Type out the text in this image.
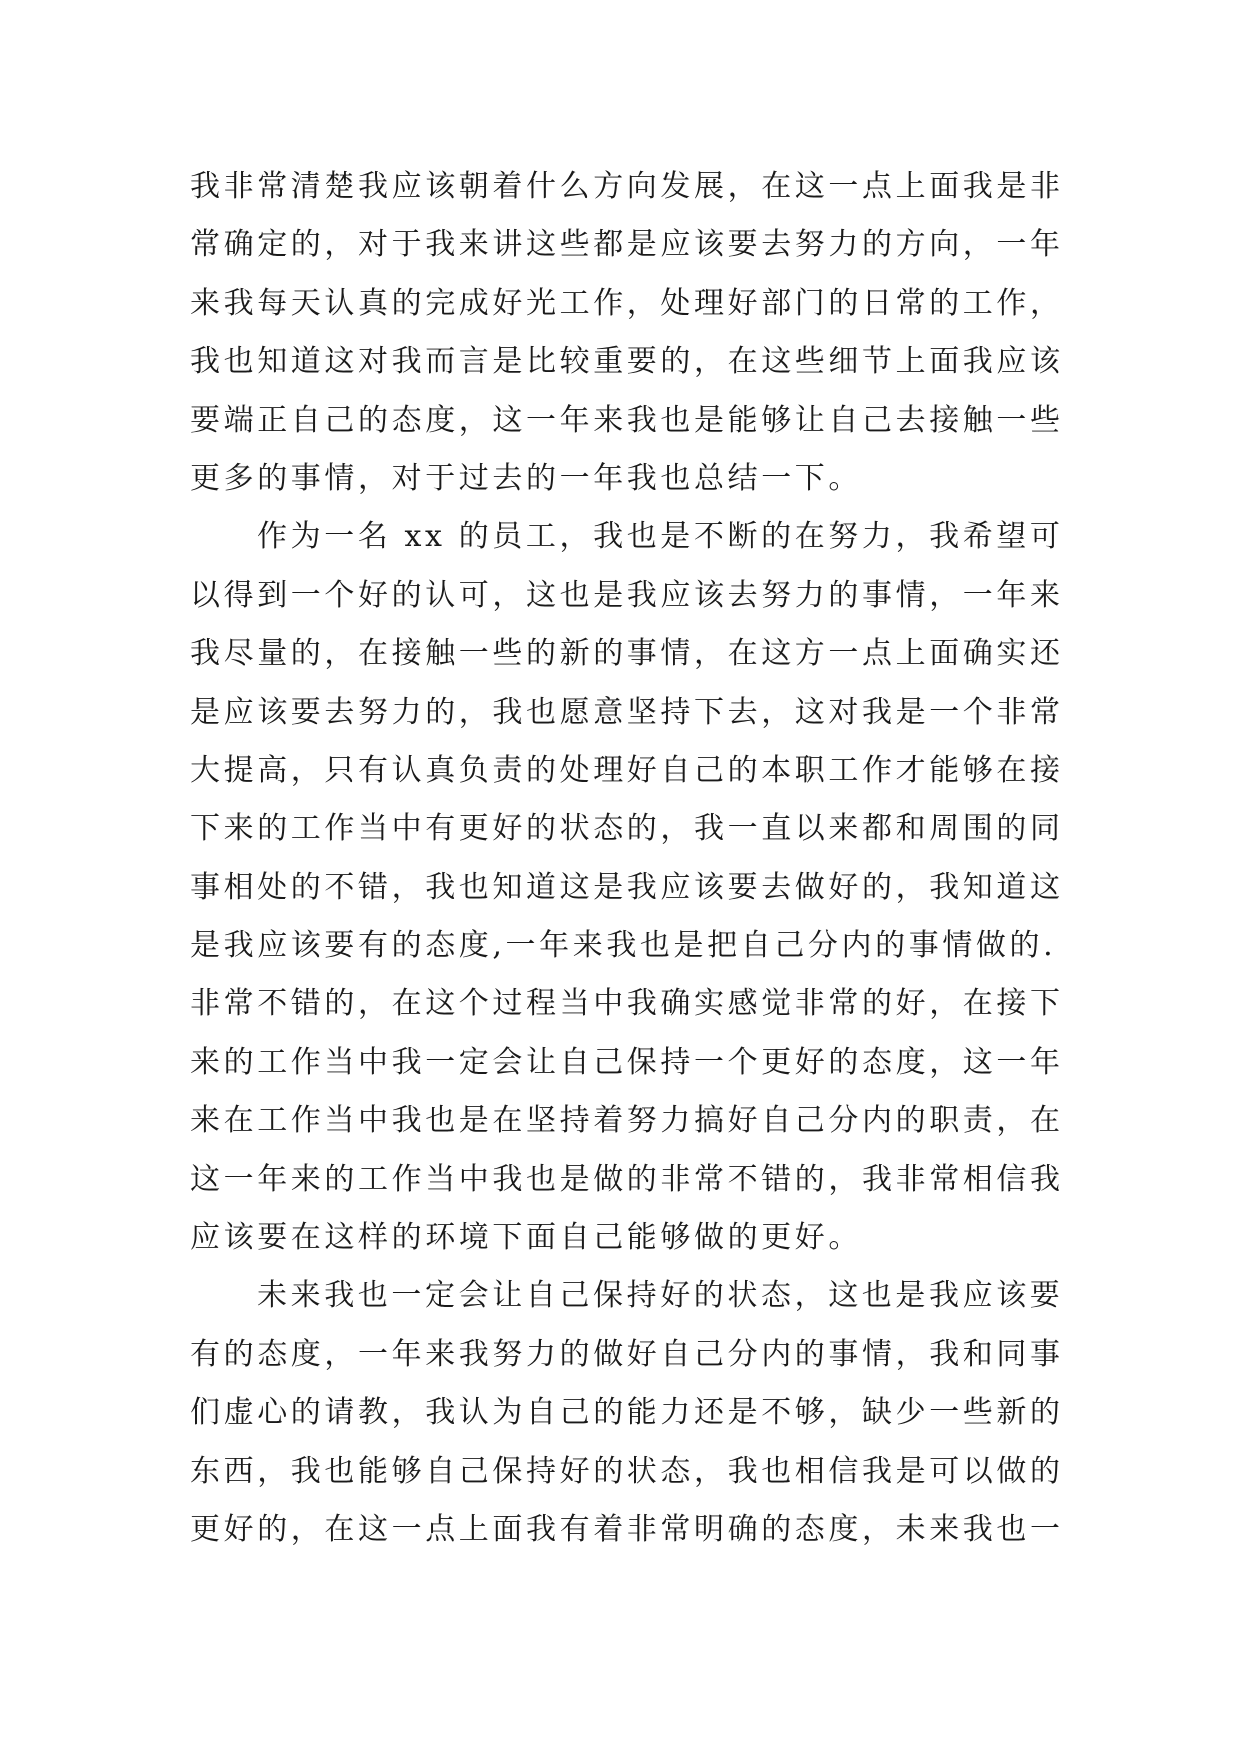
我非常清楚我应该朝着什么方向发展，在这一点上面我是非
常确定的，对于我来讲这些都是应该要去努力的方向，一年
来我每天认真的完成好光工作，处理好部门的日常的工作，
我也知道这对我而言是比较重要的，在这些细节上面我应该
要端正自己的态度，这一年来我也是能够让自己去接触一些
更多的事情，对于过去的一年我也总结一下。
作为一名 xx 的员工，我也是不断的在努力，我希望可
以得到一个好的认可，这也是我应该去努力的事情，一年来
我尽量的，在接触一些的新的事情，在这方一点上面确实还
是应该要去努力的，我也愿意坚持下去，这对我是一个非常
大提高，只有认真负责的处理好自己的本职工作才能够在接
下来的工作当中有更好的状态的，我一直以来都和周围的同
事相处的不错，我也知道这是我应该要去做好的，我知道这
是我应该要有的态度,一年来我也是把自己分内的事情做的.
非常不错的，在这个过程当中我确实感觉非常的好，在接下
来的工作当中我一定会让自己保持一个更好的态度，这一年
来在工作当中我也是在坚持着努力搞好自己分内的职责，在
这一年来的工作当中我也是做的非常不错的，我非常相信我
应该要在这样的环境下面自己能够做的更好。
未来我也一定会让自己保持好的状态，这也是我应该要
有的态度，一年来我努力的做好自己分内的事情，我和同事
们虚心的请教，我认为自己的能力还是不够，缺少一些新的
东西，我也能够自己保持好的状态，我也相信我是可以做的
更好的，在这一点上面我有着非常明确的态度，未来我也一
